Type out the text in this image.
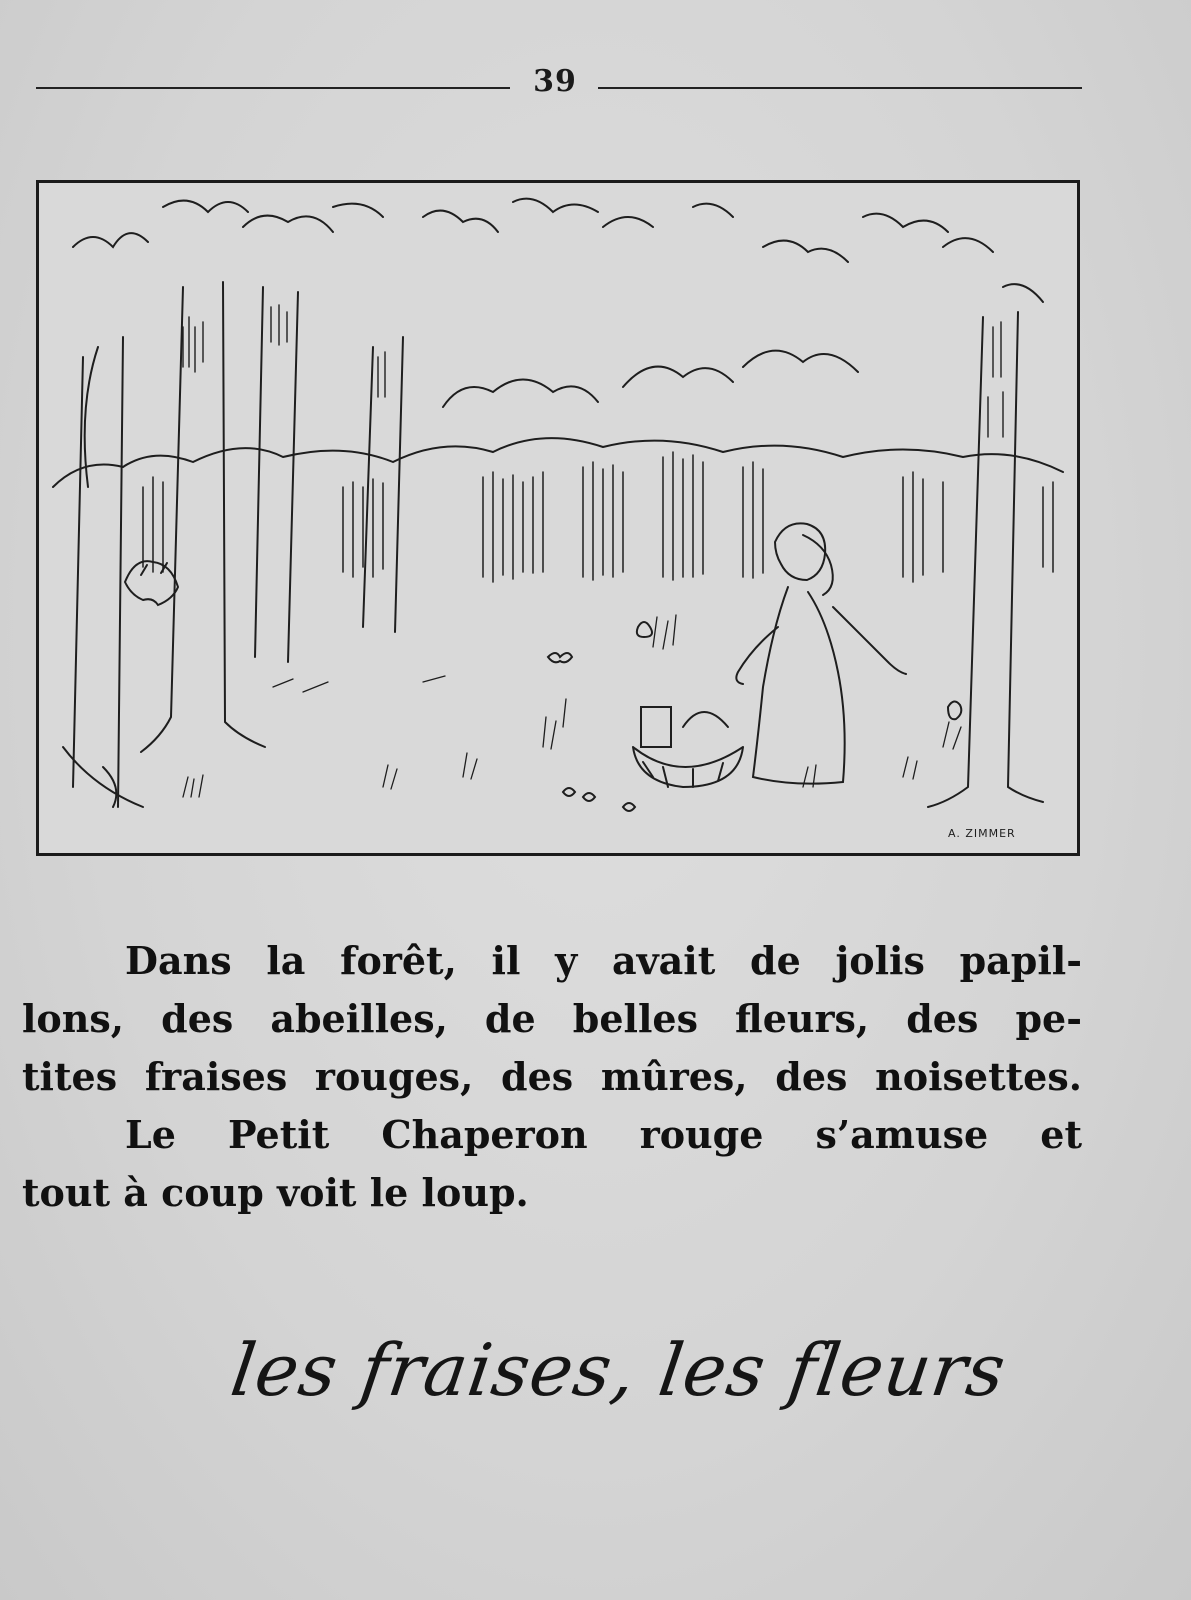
39
A. ZIMMER
Dans la forêt, il y avait de jolis papil-
lons, des abeilles, de belles fleurs, des pe-
tites fraises rouges, des mûres, des noisettes.
Le Petit Chaperon rouge s’amuse et
tout à coup voit le loup.
les fraises, les fleurs
